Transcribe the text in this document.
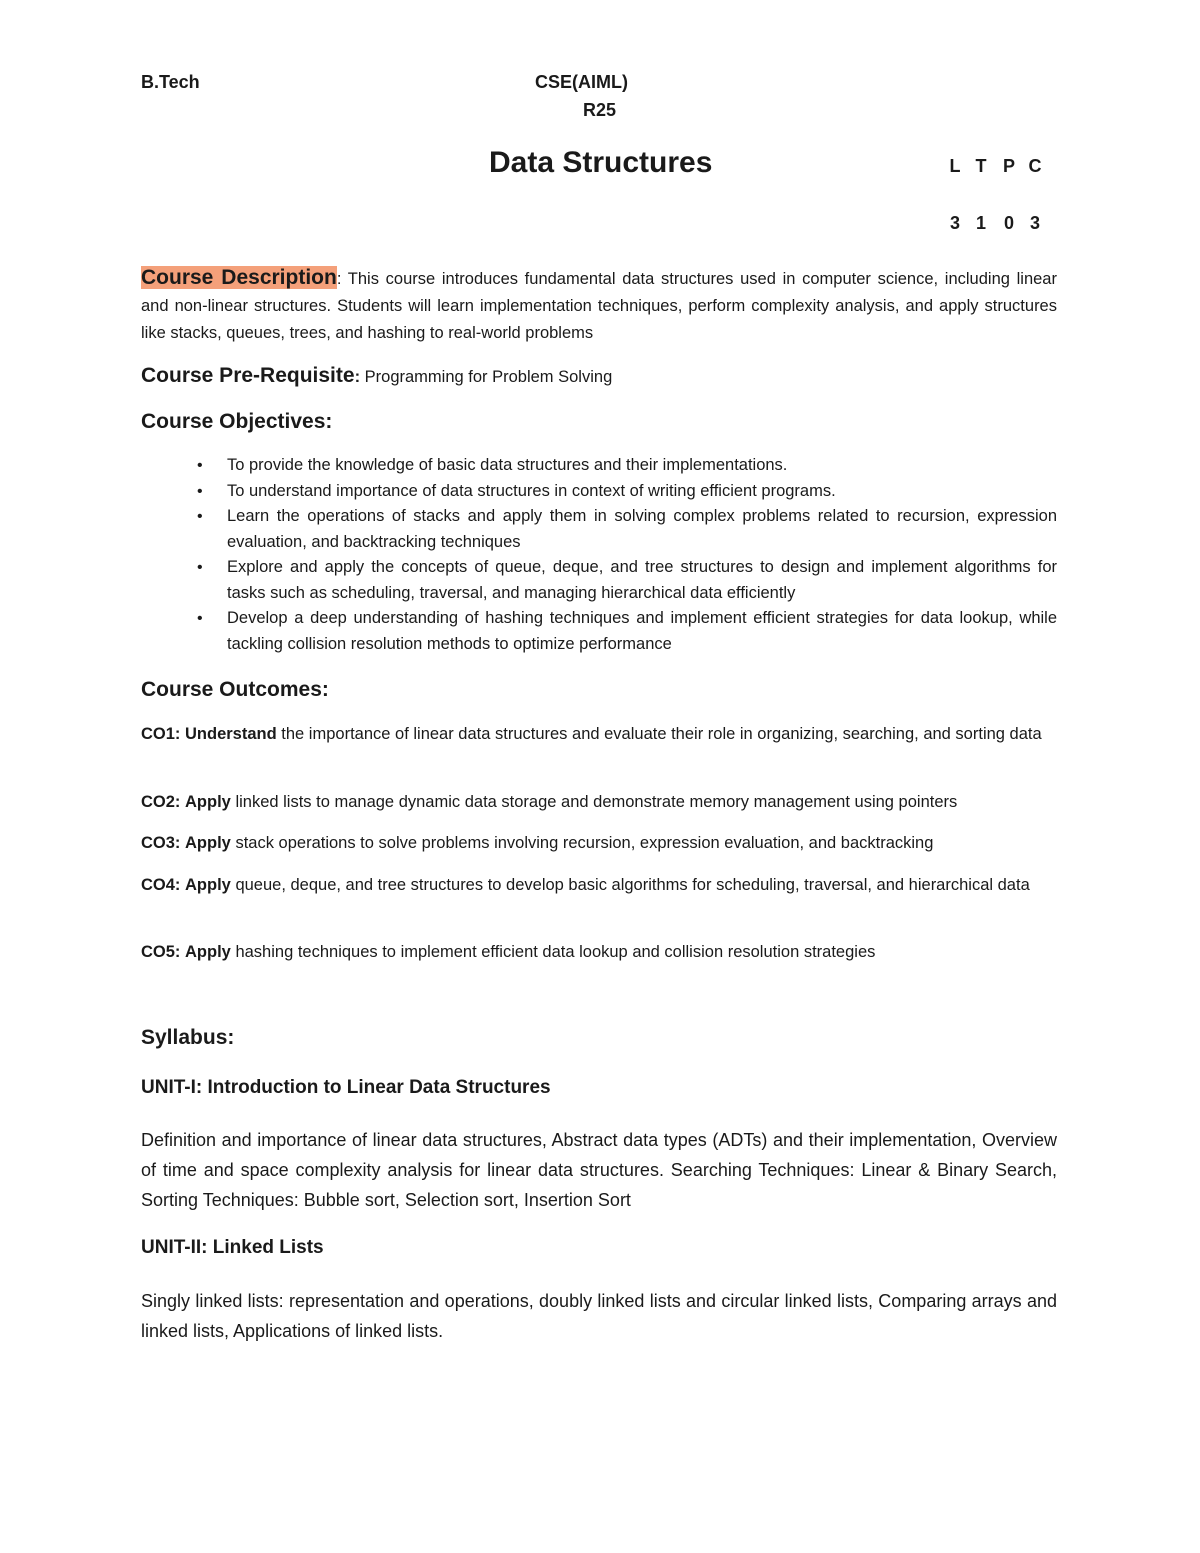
B.Tech	CSE(AIML)
R25
Data Structures	L T P C
3 1 0 3

Course Description: This course introduces fundamental data structures used in computer science, including linear and non-linear structures. Students will learn implementation techniques, perform complexity analysis, and apply structures like stacks, queues, trees, and hashing to real-world problems

Course Pre-Requisite: Programming for Problem Solving

Course Objectives:
• To provide the knowledge of basic data structures and their implementations.
• To understand importance of data structures in context of writing efficient programs.
• Learn the operations of stacks and apply them in solving complex problems related to recursion, expression evaluation, and backtracking techniques
• Explore and apply the concepts of queue, deque, and tree structures to design and implement algorithms for tasks such as scheduling, traversal, and managing hierarchical data efficiently
• Develop a deep understanding of hashing techniques and implement efficient strategies for data lookup, while tackling collision resolution methods to optimize performance
Course Outcomes:

CO1: Understand the importance of linear data structures and evaluate their role in organizing, searching, and sorting data

CO2: Apply linked lists to manage dynamic data storage and demonstrate memory management using pointers

CO3: Apply stack operations to solve problems involving recursion, expression evaluation, and backtracking

CO4: Apply queue, deque, and tree structures to develop basic algorithms for scheduling, traversal, and hierarchical data

CO5: Apply hashing techniques to implement efficient data lookup and collision resolution strategies

Syllabus:
UNIT-I: Introduction to Linear Data Structures

Definition and importance of linear data structures, Abstract data types (ADTs) and their implementation, Overview of time and space complexity analysis for linear data structures. Searching Techniques: Linear & Binary Search, Sorting Techniques: Bubble sort, Selection sort, Insertion Sort

UNIT-II: Linked Lists

Singly linked lists: representation and operations, doubly linked lists and circular linked lists, Comparing arrays and linked lists, Applications of linked lists.
